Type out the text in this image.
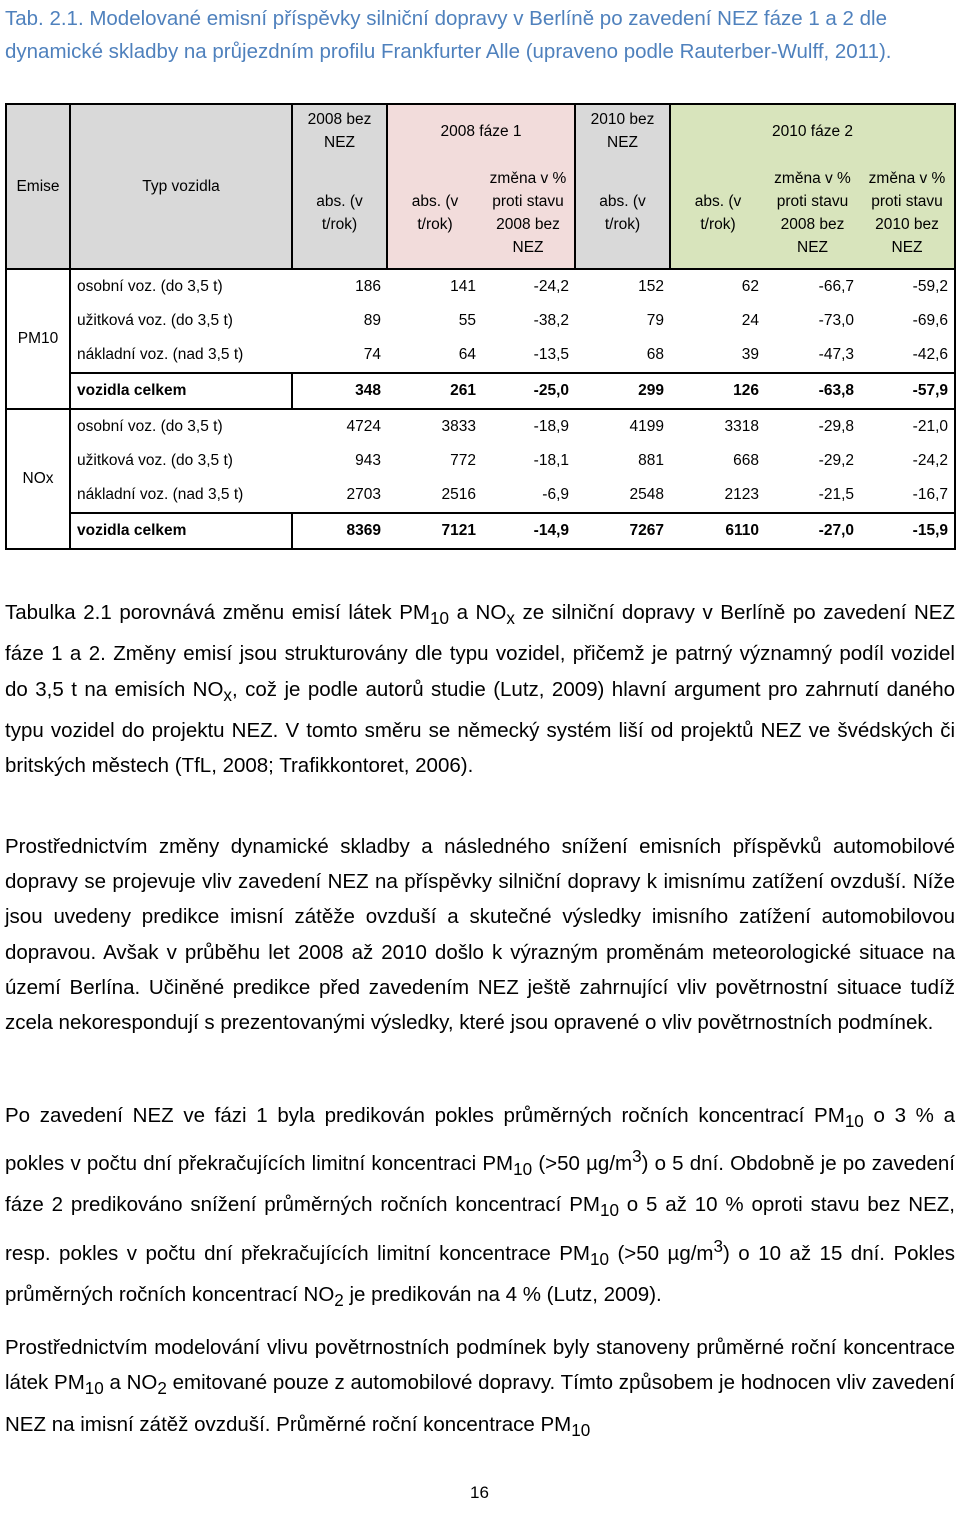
Tab. 2.1. Modelované emisní příspěvky silniční dopravy v Berlíně po zavedení NEZ fáze 1 a 2 dle dynamické skladby na průjezdním profilu Frankfurter Alle (upraveno podle Rauterber-Wulff, 2011).
Emise	Typ vozidla	2008 bez NEZ	2008 fáze 1		2010 bez NEZ	2010 fáze 2		
		abs. (v t/rok)	abs. (v t/rok)	změna v % proti stavu 2008 bez NEZ	abs. (v t/rok)	abs. (v t/rok)	změna v % proti stavu 2008 bez NEZ	změna v % proti stavu 2010 bez NEZ
PM10	osobní voz. (do 3,5 t)	186	141	-24,2	152	62	-66,7	-59,2
	užitková voz. (do 3,5 t)	89	55	-38,2	79	24	-73,0	-69,6
	nákladní voz. (nad 3,5 t)	74	64	-13,5	68	39	-47,3	-42,6
	vozidla celkem	348	261	-25,0	299	126	-63,8	-57,9
NOx	osobní voz. (do 3,5 t)	4724	3833	-18,9	4199	3318	-29,8	-21,0
	užitková voz. (do 3,5 t)	943	772	-18,1	881	668	-29,2	-24,2
	nákladní voz. (nad 3,5 t)	2703	2516	-6,9	2548	2123	-21,5	-16,7
	vozidla celkem	8369	7121	-14,9	7267	6110	-27,0	-15,9
Tabulka 2.1 porovnává změnu emisí látek $PM_{10}$ a $NO_x$ ze silniční dopravy v Berlíně po zavedení NEZ fáze 1 a 2. Změny emisí jsou strukturovány dle typu vozidel, přičemž je patrný významný podíl vozidel do 3,5 t na emisích $NO_x$, což je podle autorů studie (Lutz, 2009) hlavní argument pro zahrnutí daného typu vozidel do projektu NEZ. V tomto směru se německý systém liší od projektů NEZ ve švédských či britských městech (TfL, 2008; Trafikkontoret, 2006).
Prostřednictvím změny dynamické skladby a následného snížení emisních příspěvků automobilové dopravy se projevuje vliv zavedení NEZ na příspěvky silniční dopravy k imisnímu zatížení ovzduší. Níže jsou uvedeny predikce imisní zátěže ovzduší a skutečné výsledky imisního zatížení automobilovou dopravou. Avšak v průběhu let 2008 až 2010 došlo k výrazným proměnám meteorologické situace na území Berlína. Učiněné predikce před zavedením NEZ ještě zahrnující vliv povětrnostní situace tudíž zcela nekorespondují s prezentovanými výsledky, které jsou opravené o vliv povětrnostních podmínek.
Po zavedení NEZ ve fázi 1 byla predikován pokles průměrných ročních koncentrací $PM_{10}$ o 3 % a pokles v počtu dní překračujících limitní koncentraci $PM_{10}$ (>50 $\mu g/m^3$) o 5 dní. Obdobně je po zavedení fáze 2 predikováno snížení průměrných ročních koncentrací $PM_{10}$ o 5 až 10 % oproti stavu bez NEZ, resp. pokles v počtu dní překračujících limitní koncentrace $PM_{10}$ (>50 $\mu g/m^3$) o 10 až 15 dní. Pokles průměrných ročních koncentrací $NO_2$ je predikován na 4 % (Lutz, 2009).
Prostřednictvím modelování vlivu povětrnostních podmínek byly stanoveny průměrné roční koncentrace látek $PM_{10}$ a $NO_2$ emitované pouze z automobilové dopravy. Tímto způsobem je hodnocen vliv zavedení NEZ na imisní zátěž ovzduší. Průměrné roční koncentrace $PM_{10}$
16
